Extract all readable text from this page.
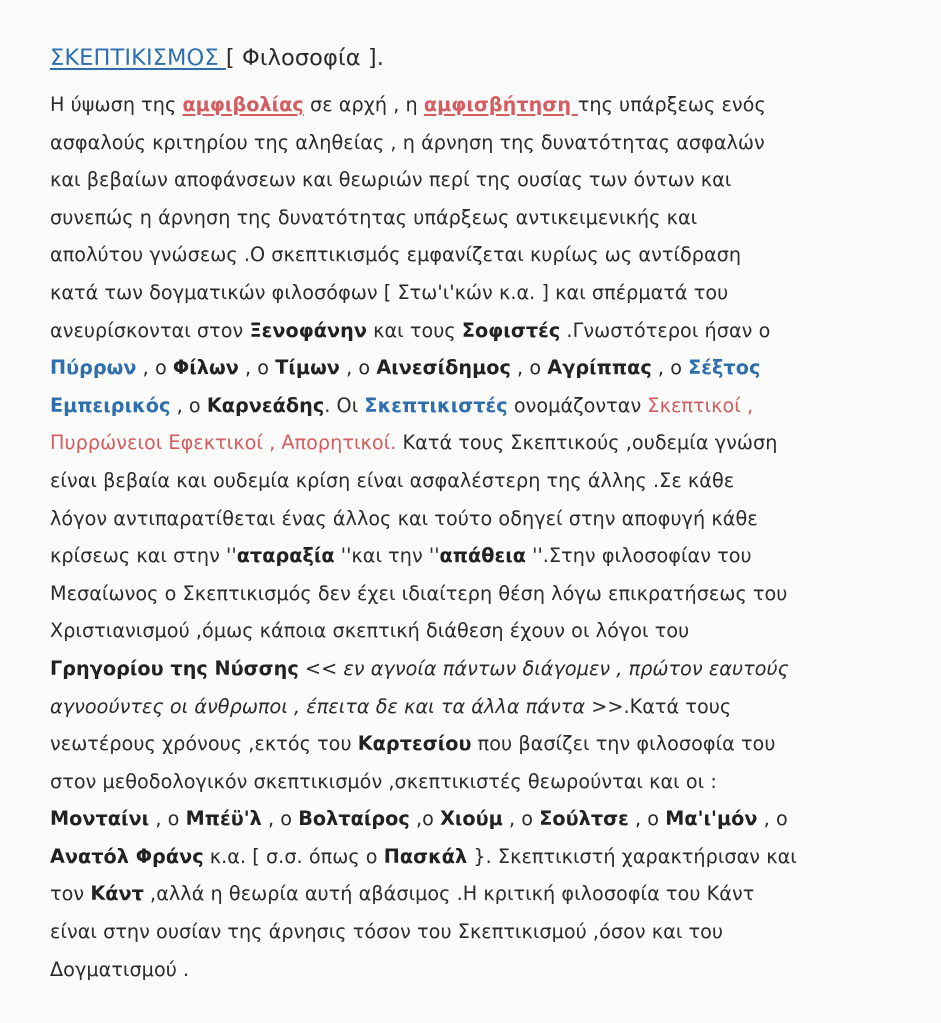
ΣΚΕΠΤΙΚΙΣΜΟΣ [ Φιλοσοφία ].
Η ύψωση της αμφιβολίας σε αρχή , η αμφισβήτηση της υπάρξεως ενός
ασφαλούς κριτηρίου της αληθείας , η άρνηση της δυνατότητας ασφαλών
και βεβαίων αποφάνσεων και θεωριών περί της ουσίας των όντων και
συνεπώς η άρνηση της δυνατότητας υπάρξεως αντικειμενικής και
απολύτου γνώσεως .Ο σκεπτικισμός εμφανίζεται κυρίως ως αντίδραση
κατά των δογματικών φιλοσόφων [ Στω'ι'κών κ.α. ] και σπέρματά του
ανευρίσκονται στον Ξενοφάνην και τους Σοφιστές .Γνωστότεροι ήσαν ο
Πύρρων , ο Φίλων , ο Τίμων , ο Αινεσίδημος , ο Αγρίππας , ο Σέξτος
Εμπειρικός , ο Καρνεάδης. Οι Σκεπτικιστές ονομάζονταν Σκεπτικοί ,
Πυρρώνειοι Εφεκτικοί , Απορητικοί. Κατά τους Σκεπτικούς ,ουδεμία γνώση
είναι βεβαία και ουδεμία κρίση είναι ασφαλέστερη της άλλης .Σε κάθε
λόγον αντιπαρατίθεται ένας άλλος και τούτο οδηγεί στην αποφυγή κάθε
κρίσεως και στην ''αταραξία ''και την ''απάθεια ''.Στην φιλοσοφίαν του
Μεσαίωνος ο Σκεπτικισμός δεν έχει ιδιαίτερη θέση λόγω επικρατήσεως του
Χριστιανισμού ,όμως κάποια σκεπτική διάθεση έχουν οι λόγοι του
Γρηγορίου της Νύσσης << εν αγνοία πάντων διάγομεν , πρώτον εαυτούς
αγνοούντες οι άνθρωποι , έπειτα δε και τα άλλα πάντα >>.Κατά τους
νεωτέρους χρόνους ,εκτός του Καρτεσίου που βασίζει την φιλοσοφία του
στον μεθοδολογικόν σκεπτικισμόν ,σκεπτικιστές θεωρούνται και οι :
Μονταίνι , ο Μπέϋ'λ , ο Βολταίρος ,ο Χιούμ , ο Σούλτσε , ο Μα'ι'μόν , ο
Ανατόλ Φράνς κ.α. [ σ.σ. όπως ο Πασκάλ }. Σκεπτικιστή χαρακτήρισαν και
τον Κάντ ,αλλά η θεωρία αυτή αβάσιμος .Η κριτική φιλοσοφία του Κάντ
είναι στην ουσίαν της άρνησις τόσον του Σκεπτικισμού ,όσον και του
Δογματισμού .
